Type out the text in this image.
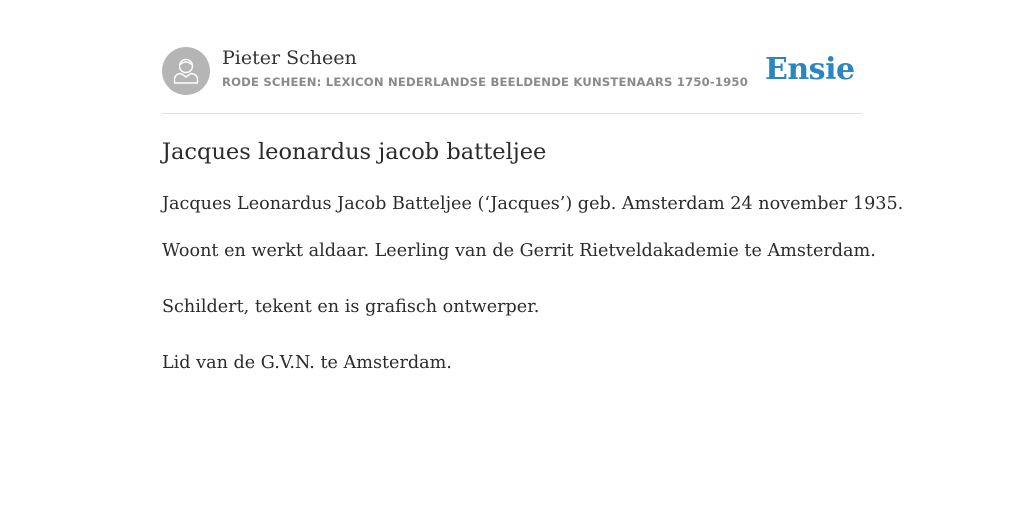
Pieter Scheen
RODE SCHEEN: LEXICON NEDERLANDSE BEELDENDE KUNSTENAARS 1750-1950 Ensie
Jacques leonardus jacob batteljee

Jacques Leonardus Jacob Batteljee (‘Jacques’) geb. Amsterdam 24 november 1935.

Woont en werkt aldaar. Leerling van de Gerrit Rietveldakademie te Amsterdam.

Schildert, tekent en is grafisch ontwerper.

Lid van de G.V.N. te Amsterdam.
